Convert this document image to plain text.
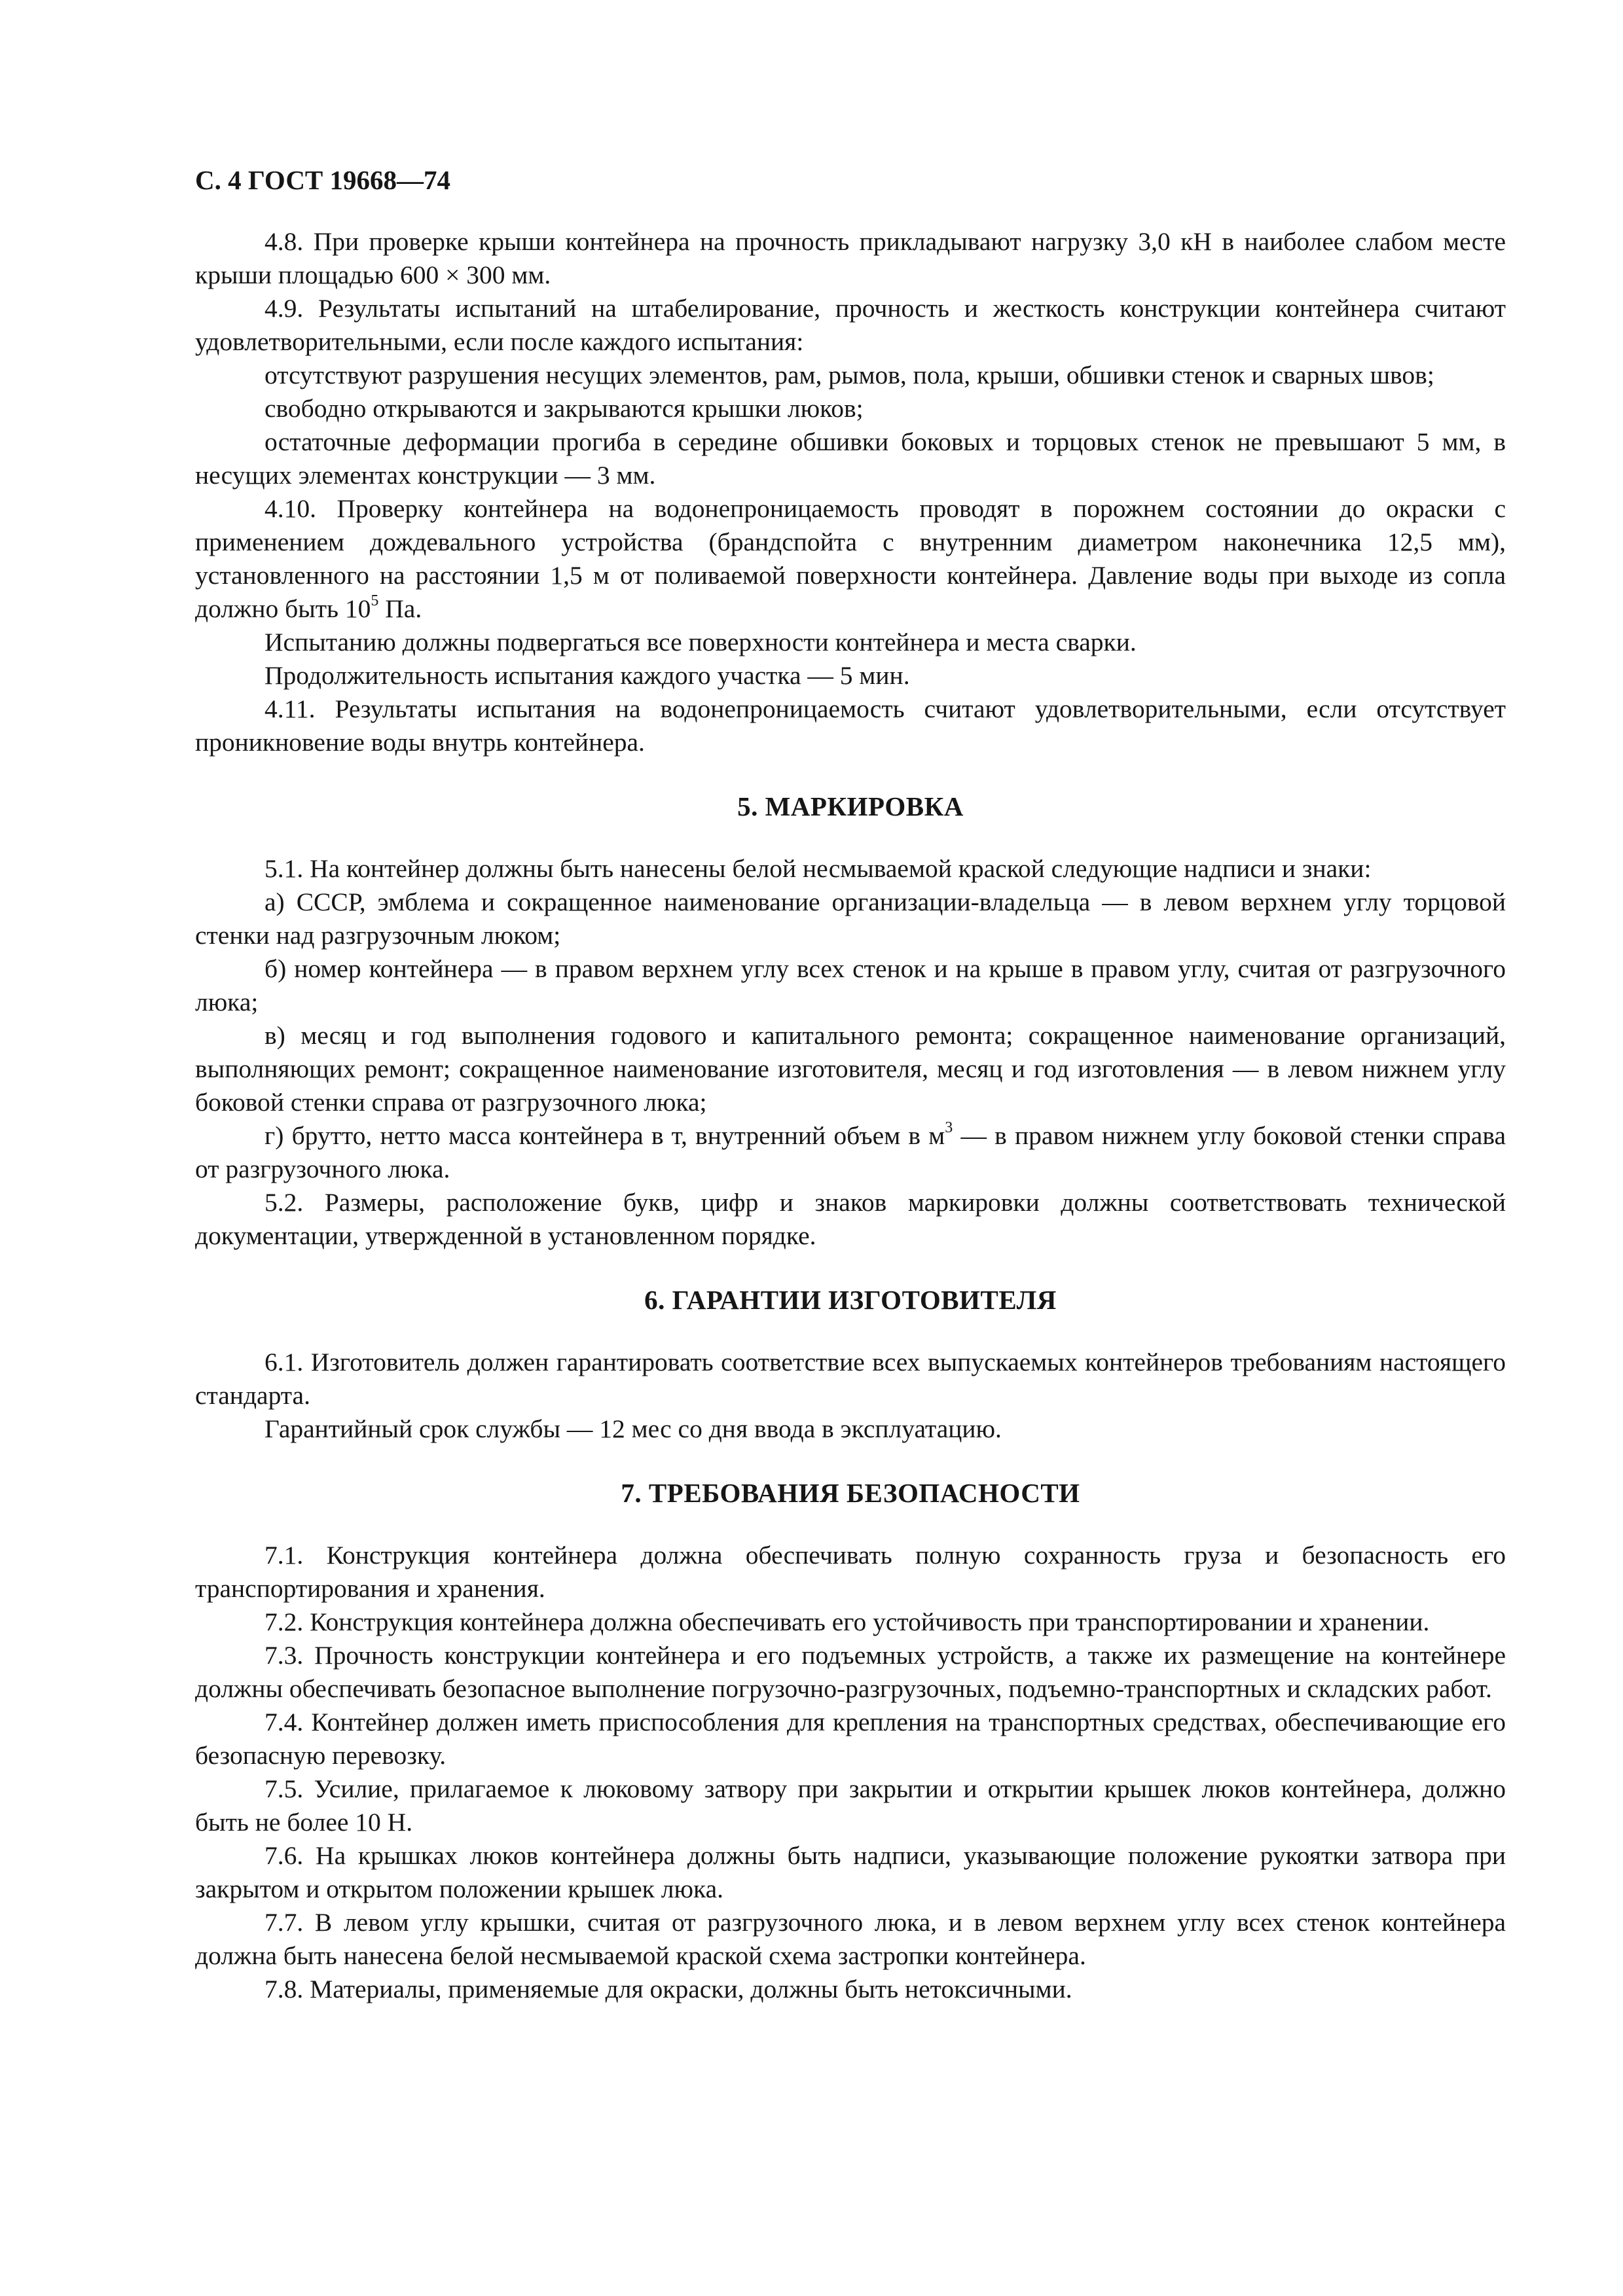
С. 4 ГОСТ 19668—74
4.8. При проверке крыши контейнера на прочность прикладывают нагрузку 3,0 кН в наиболее слабом месте крыши площадью 600 × 300 мм.
4.9. Результаты испытаний на штабелирование, прочность и жесткость конструкции контейнера считают удовлетворительными, если после каждого испытания:
отсутствуют разрушения несущих элементов, рам, рымов, пола, крыши, обшивки стенок и сварных швов;
свободно открываются и закрываются крышки люков;
остаточные деформации прогиба в середине обшивки боковых и торцовых стенок не превышают 5 мм, в несущих элементах конструкции — 3 мм.
4.10. Проверку контейнера на водонепроницаемость проводят в порожнем состоянии до окраски с применением дождевального устройства (брандспойта с внутренним диаметром наконечника 12,5 мм), установленного на расстоянии 1,5 м от поливаемой поверхности контейнера. Давление воды при выходе из сопла должно быть $10^5$ Па.
Испытанию должны подвергаться все поверхности контейнера и места сварки.
Продолжительность испытания каждого участка — 5 мин.
4.11. Результаты испытания на водонепроницаемость считают удовлетворительными, если отсутствует проникновение воды внутрь контейнера.
5. МАРКИРОВКА
5.1. На контейнер должны быть нанесены белой несмываемой краской следующие надписи и знаки:
а) СССР, эмблема и сокращенное наименование организации-владельца — в левом верхнем углу торцовой стенки над разгрузочным люком;
б) номер контейнера — в правом верхнем углу всех стенок и на крыше в правом углу, считая от разгрузочного люка;
в) месяц и год выполнения годового и капитального ремонта; сокращенное наименование организаций, выполняющих ремонт; сокращенное наименование изготовителя, месяц и год изготовления — в левом нижнем углу боковой стенки справа от разгрузочного люка;
г) брутто, нетто масса контейнера в т, внутренний объем в $м^3$ — в правом нижнем углу боковой стенки справа от разгрузочного люка.
5.2. Размеры, расположение букв, цифр и знаков маркировки должны соответствовать технической документации, утвержденной в установленном порядке.
6. ГАРАНТИИ ИЗГОТОВИТЕЛЯ
6.1. Изготовитель должен гарантировать соответствие всех выпускаемых контейнеров требованиям настоящего стандарта.
Гарантийный срок службы — 12 мес со дня ввода в эксплуатацию.
7. ТРЕБОВАНИЯ БЕЗОПАСНОСТИ
7.1. Конструкция контейнера должна обеспечивать полную сохранность груза и безопасность его транспортирования и хранения.
7.2. Конструкция контейнера должна обеспечивать его устойчивость при транспортировании и хранении.
7.3. Прочность конструкции контейнера и его подъемных устройств, а также их размещение на контейнере должны обеспечивать безопасное выполнение погрузочно-разгрузочных, подъемно-транспортных и складских работ.
7.4. Контейнер должен иметь приспособления для крепления на транспортных средствах, обеспечивающие его безопасную перевозку.
7.5. Усилие, прилагаемое к люковому затвору при закрытии и открытии крышек люков контейнера, должно быть не более 10 Н.
7.6. На крышках люков контейнера должны быть надписи, указывающие положение рукоятки затвора при закрытом и открытом положении крышек люка.
7.7. В левом углу крышки, считая от разгрузочного люка, и в левом верхнем углу всех стенок контейнера должна быть нанесена белой несмываемой краской схема застропки контейнера.
7.8. Материалы, применяемые для окраски, должны быть нетоксичными.
